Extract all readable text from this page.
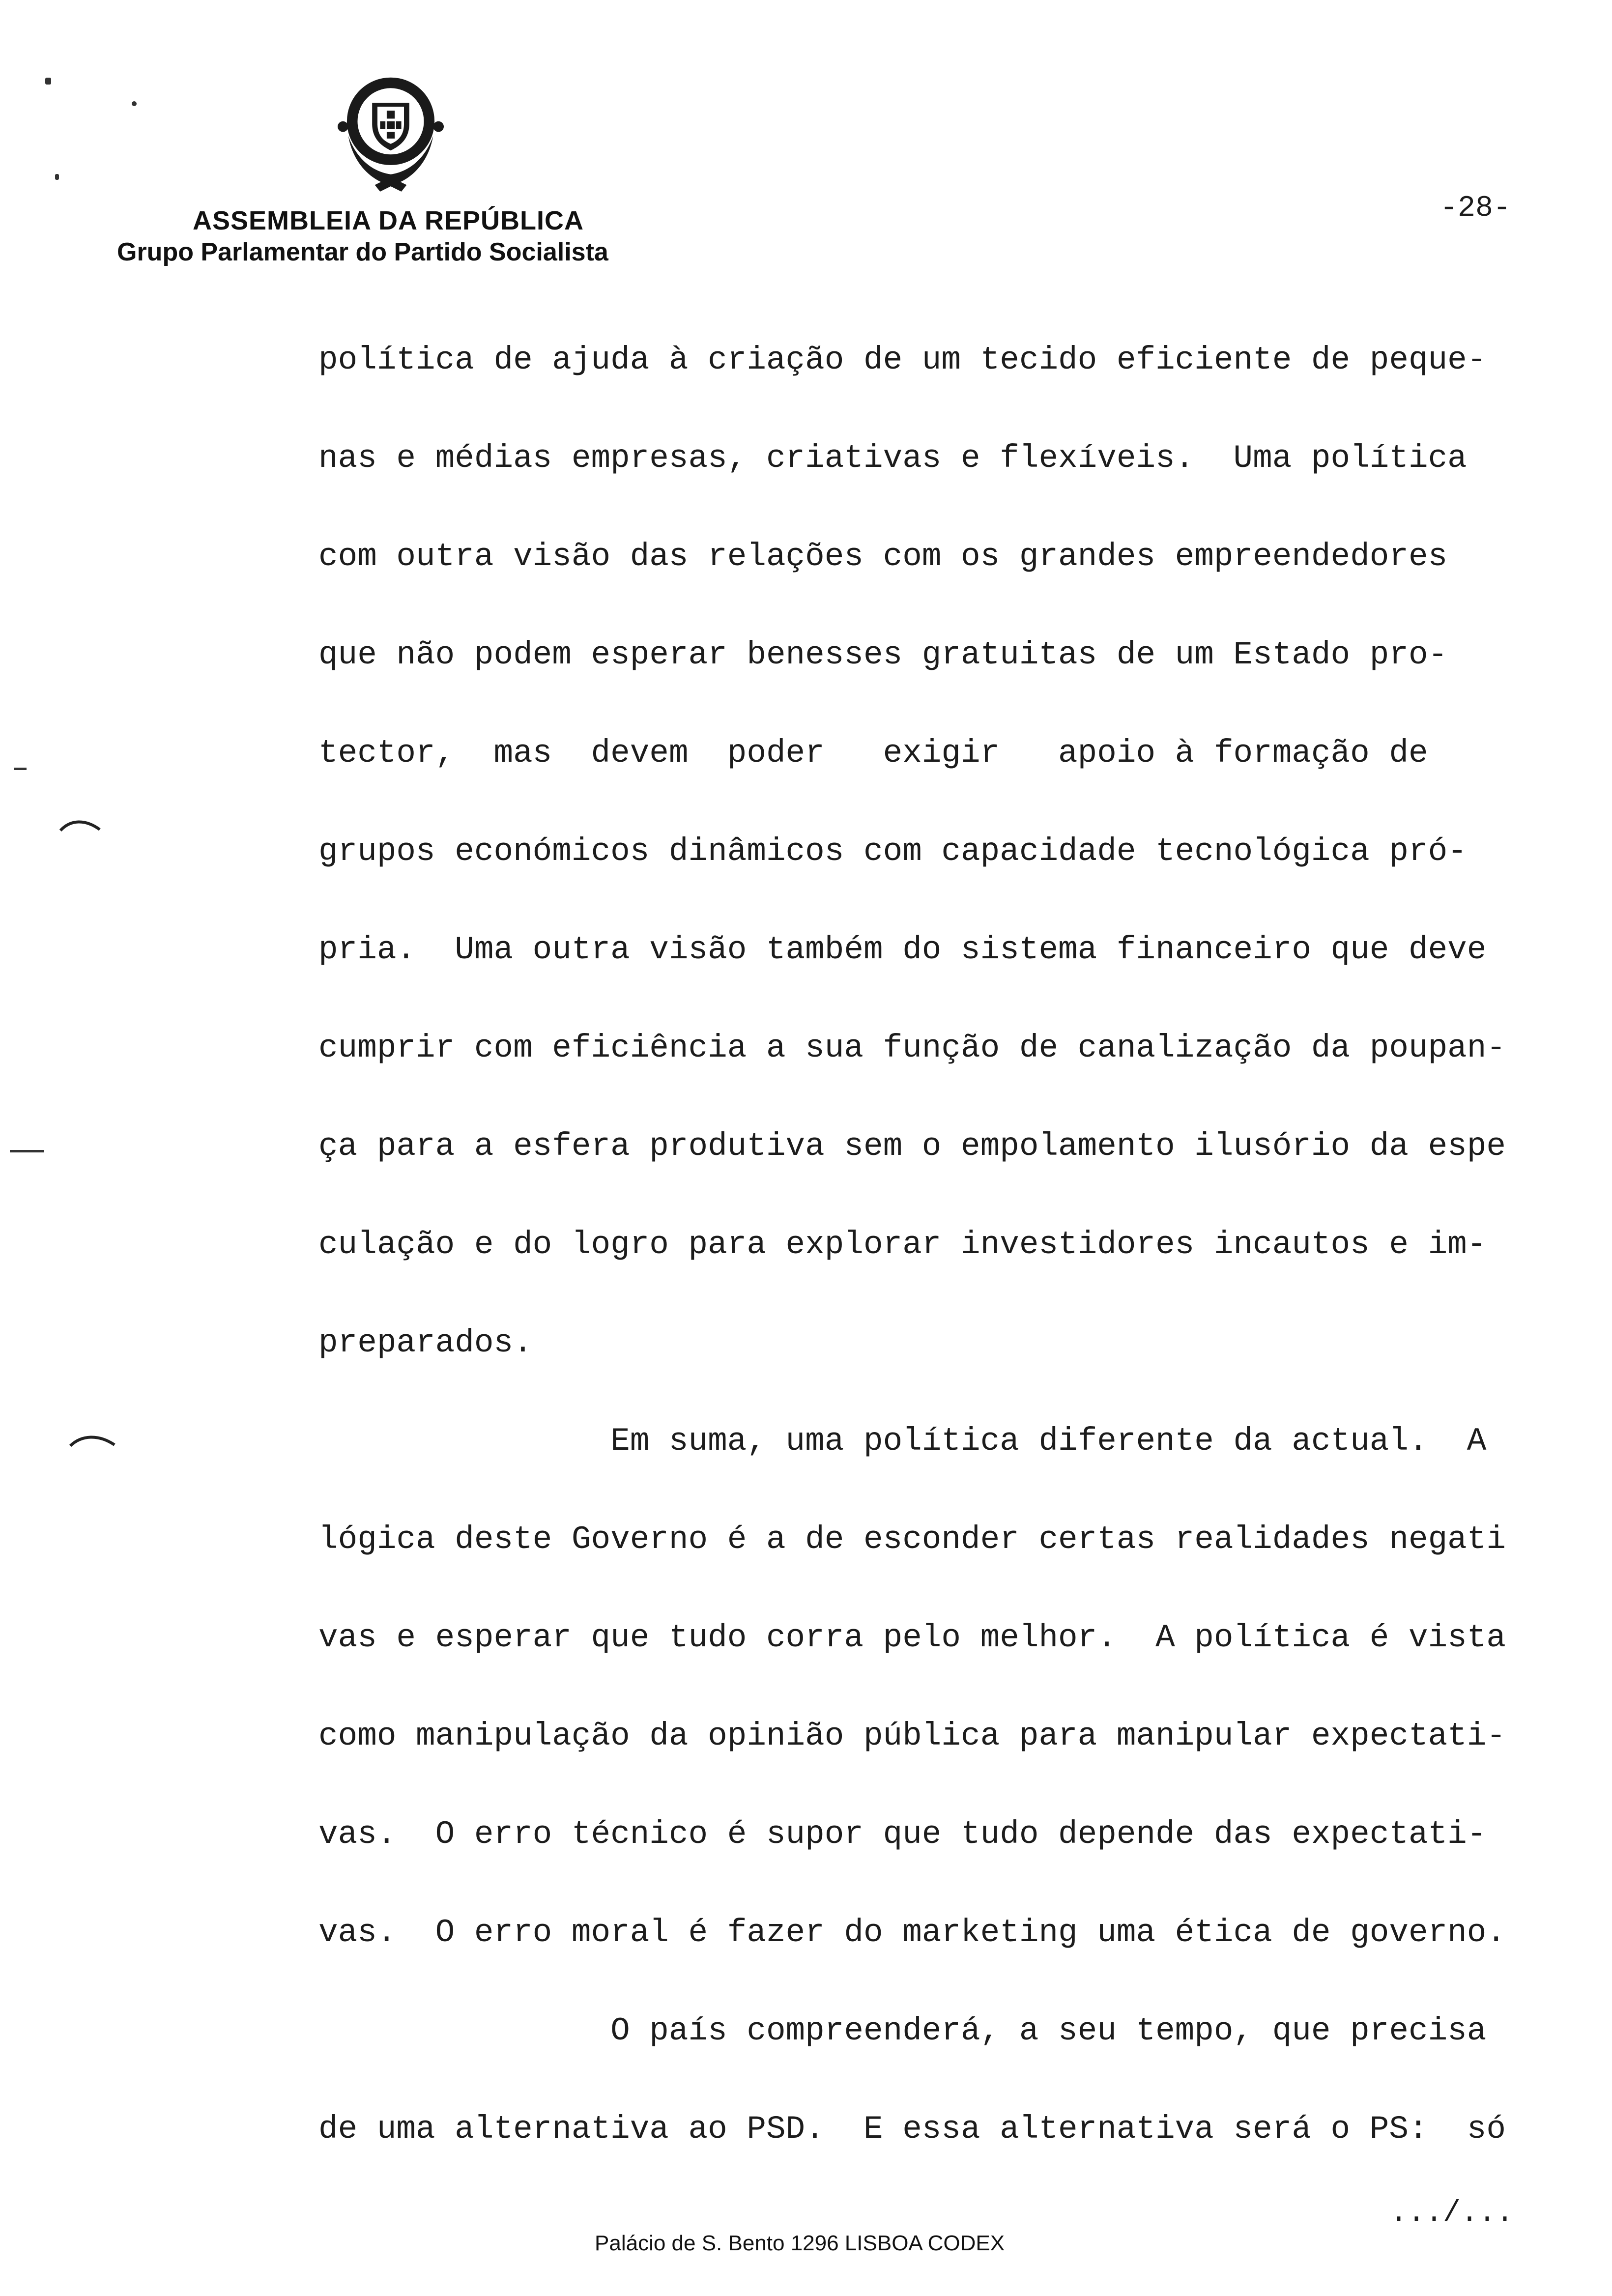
ASSEMBLEIA DA REPÚBLICA
Grupo Parlamentar do Partido Socialista
-28-
política de ajuda à criação de um tecido eficiente de peque-
nas e médias empresas, criativas e flexíveis.  Uma política
com outra visão das relações com os grandes empreendedores
que não podem esperar benesses gratuitas de um Estado pro-
tector,  mas  devem  poder   exigir   apoio à formação de
grupos económicos dinâmicos com capacidade tecnológica pró-
pria.  Uma outra visão também do sistema financeiro que deve
cumprir com eficiência a sua função de canalização da poupan-
ça para a esfera produtiva sem o empolamento ilusório da espe
culação e do logro para explorar investidores incautos e im-
preparados.
Em suma, uma política diferente da actual.  A
lógica deste Governo é a de esconder certas realidades negati
vas e esperar que tudo corra pelo melhor.  A política é vista
como manipulação da opinião pública para manipular expectati-
vas.  O erro técnico é supor que tudo depende das expectati-
vas.  O erro moral é fazer do marketing uma ética de governo.
O país compreenderá, a seu tempo, que precisa
de uma alternativa ao PSD.  E essa alternativa será o PS:  só
.../...
Palácio de S. Bento 1296 LISBOA CODEX
